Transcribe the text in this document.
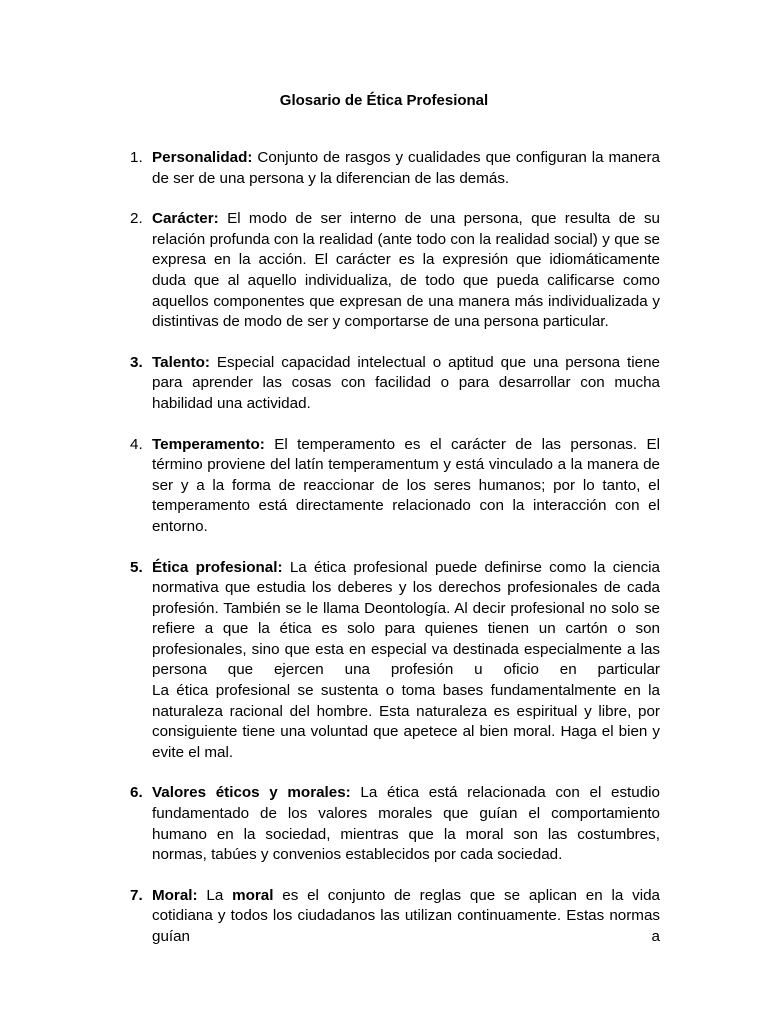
Glosario de Ética Profesional
1. Personalidad: Conjunto de rasgos y cualidades que configuran la manera de ser de una persona y la diferencian de las demás.
2. Carácter: El modo de ser interno de una persona, que resulta de su relación profunda con la realidad (ante todo con la realidad social) y que se expresa en la acción. El carácter es la expresión que idiomáticamente duda que al aquello individualiza, de todo que pueda calificarse como aquellos componentes que expresan de una manera más individualizada y distintivas de modo de ser y comportarse de una persona particular.
3. Talento: Especial capacidad intelectual o aptitud que una persona tiene para aprender las cosas con facilidad o para desarrollar con mucha habilidad una actividad.
4. Temperamento: El temperamento es el carácter de las personas. El término proviene del latín temperamentum y está vinculado a la manera de ser y a la forma de reaccionar de los seres humanos; por lo tanto, el temperamento está directamente relacionado con la interacción con el entorno.
5. Ética profesional: La ética profesional puede definirse como la ciencia normativa que estudia los deberes y los derechos profesionales de cada profesión. También se le llama Deontología. Al decir profesional no solo se refiere a que la ética es solo para quienes tienen un cartón o son profesionales, sino que esta en especial va destinada especialmente a las persona que ejercen una profesión u oficio en particular
La ética profesional se sustenta o toma bases fundamentalmente en la naturaleza racional del hombre. Esta naturaleza es espiritual y libre, por consiguiente tiene una voluntad que apetece al bien moral. Haga el bien y evite el mal.
6. Valores éticos y morales: La ética está relacionada con el estudio fundamentado de los valores morales que guían el comportamiento humano en la sociedad, mientras que la moral son las costumbres, normas, tabúes y convenios establecidos por cada sociedad.
7. Moral: La moral es el conjunto de reglas que se aplican en la vida cotidiana y todos los ciudadanos las utilizan continuamente. Estas normas guían a
